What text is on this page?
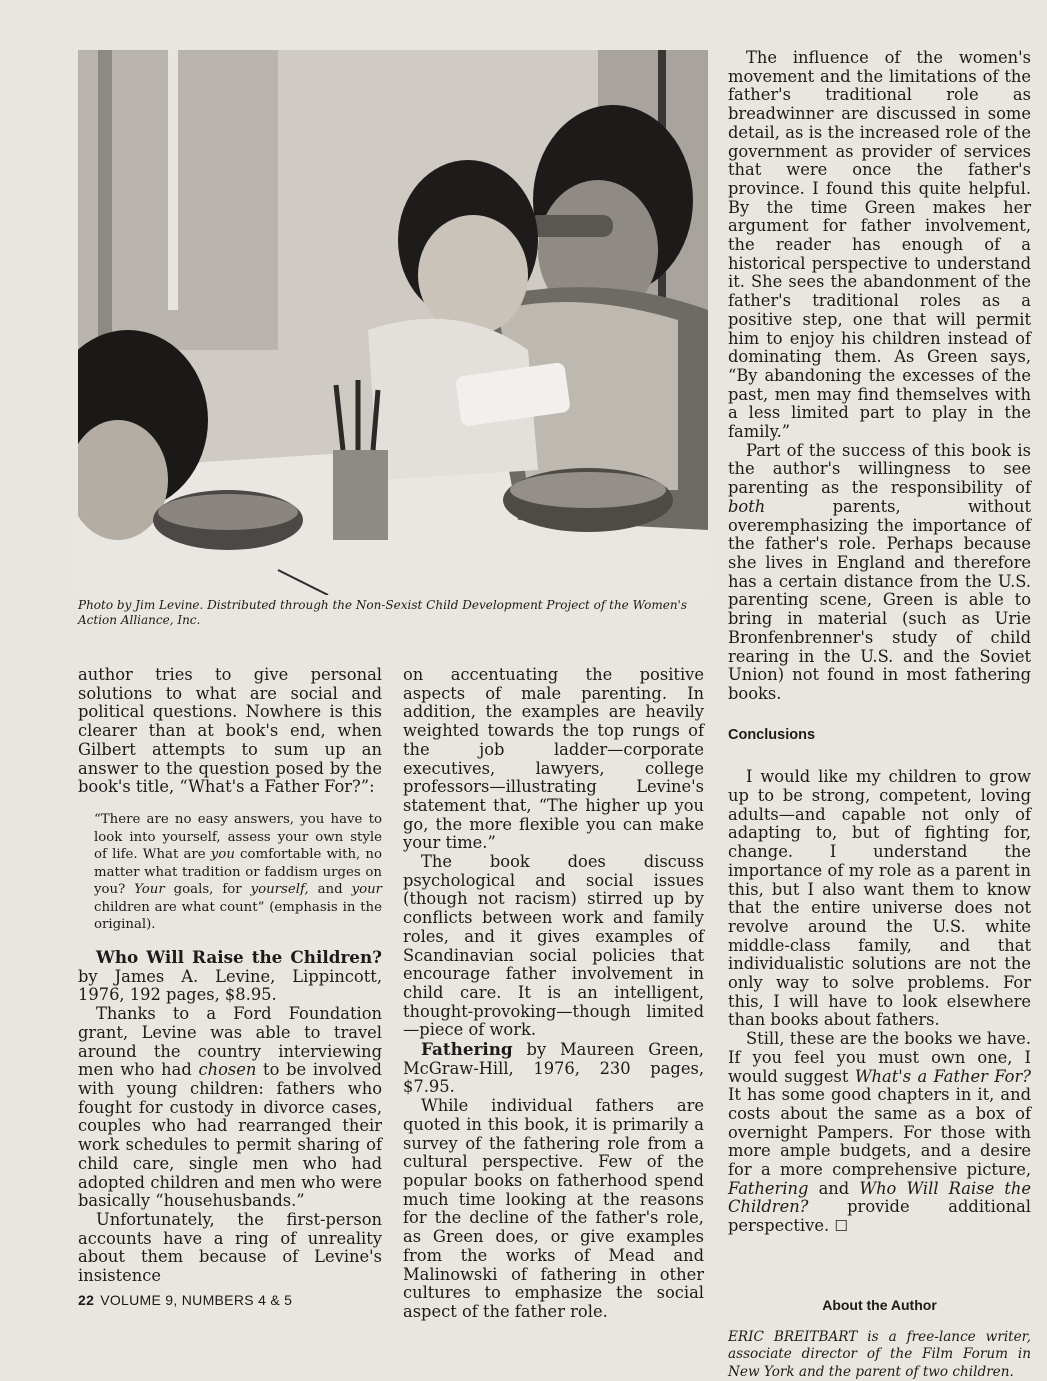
Photo by Jim Levine. Distributed through the Non-Sexist Child Development Project of the Women's Action Alliance, Inc.

author tries to give personal solutions to what are social and political questions. Nowhere is this clearer than at book's end, when Gilbert attempts to sum up an answer to the question posed by the book's title, “What's a Father For?”:

“There are no easy answers, you have to look into yourself, assess your own style of life. What are you comfortable with, no matter what tradition or faddism urges on you? Your goals, for yourself, and your children are what count” (emphasis in the original).

Who Will Raise the Children? by James A. Levine, Lippincott, 1976, 192 pages, $8.95.

Thanks to a Ford Foundation grant, Levine was able to travel around the country interviewing men who had chosen to be involved with young children: fathers who fought for custody in divorce cases, couples who had rearranged their work schedules to permit sharing of child care, single men who had adopted children and men who were basically “househusbands.”

Unfortunately, the first-person accounts have a ring of unreality about them because of Levine's insistence

on accentuating the positive aspects of male parenting. In addition, the examples are heavily weighted towards the top rungs of the job ladder—corporate executives, lawyers, college professors—illustrating Levine's statement that, “The higher up you go, the more flexible you can make your time.”

The book does discuss psychological and social issues (though not racism) stirred up by conflicts between work and family roles, and it gives examples of Scandinavian social policies that encourage father involvement in child care. It is an intelligent, thought-provoking—though limited—piece of work.

Fathering by Maureen Green, McGraw-Hill, 1976, 230 pages, $7.95.

While individual fathers are quoted in this book, it is primarily a survey of the fathering role from a cultural perspective. Few of the popular books on fatherhood spend much time looking at the reasons for the decline of the father's role, as Green does, or give examples from the works of Mead and Malinowski of fathering in other cultures to emphasize the social aspect of the father role.

The influence of the women's movement and the limitations of the father's traditional role as breadwinner are discussed in some detail, as is the increased role of the government as provider of services that were once the father's province. I found this quite helpful. By the time Green makes her argument for father involvement, the reader has enough of a historical perspective to understand it. She sees the abandonment of the father's traditional roles as a positive step, one that will permit him to enjoy his children instead of dominating them. As Green says, “By abandoning the excesses of the past, men may find themselves with a less limited part to play in the family.”

Part of the success of this book is the author's willingness to see parenting as the responsibility of both parents, without overemphasizing the importance of the father's role. Perhaps because she lives in England and therefore has a certain distance from the U.S. parenting scene, Green is able to bring in material (such as Urie Bronfenbrenner's study of child rearing in the U.S. and the Soviet Union) not found in most fathering books.

Conclusions

I would like my children to grow up to be strong, competent, loving adults—and capable not only of adapting to, but of fighting for, change. I understand the importance of my role as a parent in this, but I also want them to know that the entire universe does not revolve around the U.S. white middle-class family, and that individualistic solutions are not the only way to solve problems. For this, I will have to look elsewhere than books about fathers.

Still, these are the books we have. If you feel you must own one, I would suggest What's a Father For? It has some good chapters in it, and costs about the same as a box of overnight Pampers. For those with more ample budgets, and a desire for a more comprehensive picture, Fathering and Who Will Raise the Children? provide additional perspective. ☐

About the Author
ERIC BREITBART is a free-lance writer, associate director of the Film Forum in New York and the parent of two children.
22 VOLUME 9, NUMBERS 4 & 5
